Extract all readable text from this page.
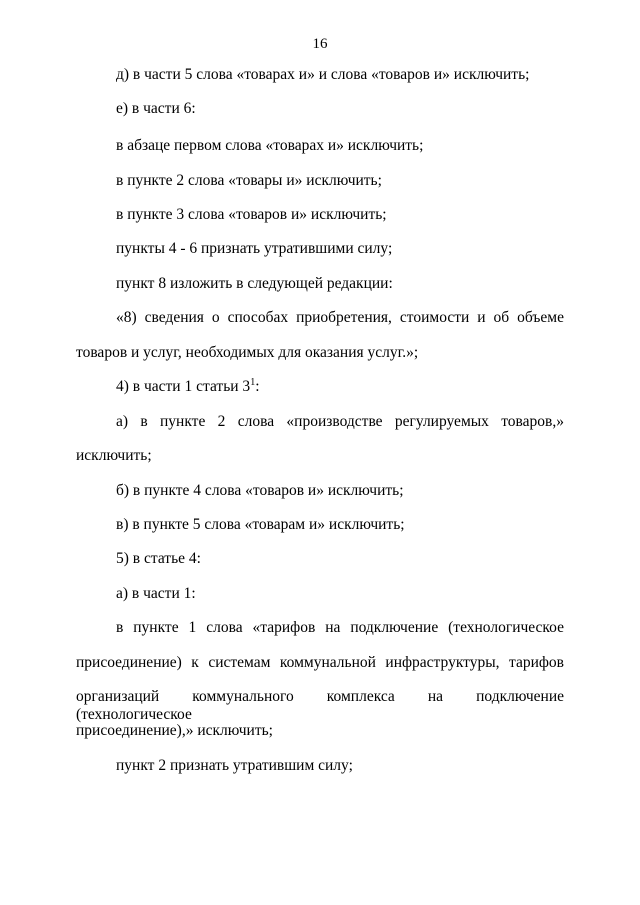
16
д) в части 5 слова «товарах и» и слова «товаров и» исключить;
е) в части 6:
в абзаце первом слова «товарах и» исключить;
в пункте 2 слова «товары и» исключить;
в пункте 3 слова «товаров и» исключить;
пункты 4 - 6 признать утратившими силу;
пункт 8 изложить в следующей редакции:
«8) сведения о способах приобретения, стоимости и об объеме
товаров и услуг, необходимых для оказания услуг.»;
4) в части 1 статьи $3^1$:
а) в пункте 2 слова «производстве регулируемых товаров,»
исключить;
б) в пункте 4 слова «товаров и» исключить;
в) в пункте 5 слова «товарам и» исключить;
5) в статье 4:
а) в части 1:
в пункте 1 слова «тарифов на подключение (технологическое
присоединение) к системам коммунальной инфраструктуры, тарифов
организаций коммунального комплекса на подключение (технологическое
присоединение),» исключить;
пункт 2 признать утратившим силу;
